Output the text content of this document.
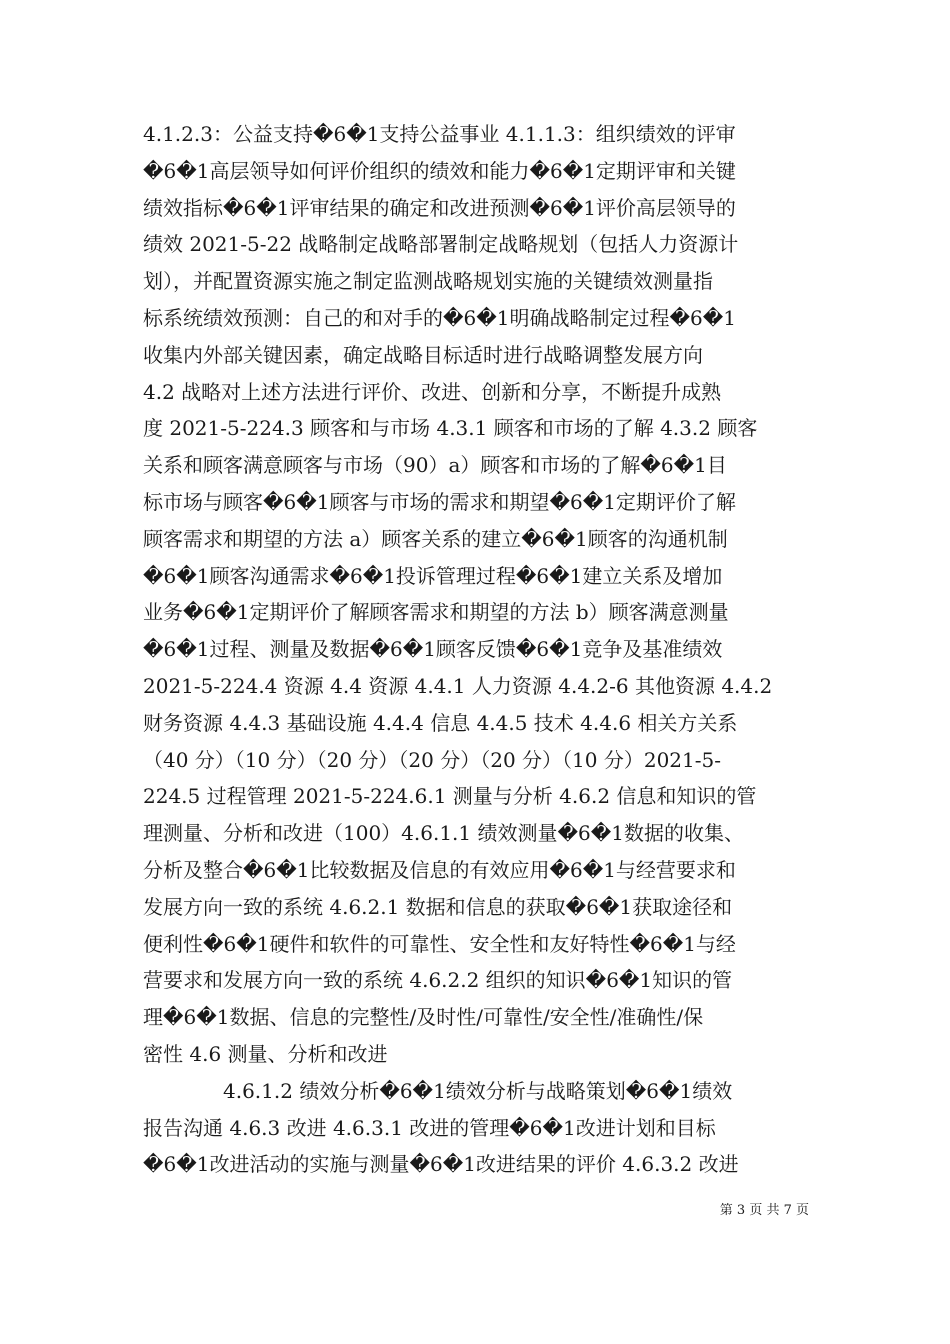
4.1.2.3：公益支持�6�1支持公益事业 4.1.1.3：组织绩效的评审
�6�1高层领导如何评价组织的绩效和能力�6�1定期评审和关键
绩效指标�6�1评审结果的确定和改进预测�6�1评价高层领导的
绩效 2021-5-22 战略制定战略部署制定战略规划（包括人力资源计
划），并配置资源实施之制定监测战略规划实施的关键绩效测量指
标系统绩效预测：自己的和对手的�6�1明确战略制定过程�6�1
收集内外部关键因素，确定战略目标适时进行战略调整发展方向
4.2 战略对上述方法进行评价、改进、创新和分享，不断提升成熟
度 2021-5-224.3 顾客和与市场 4.3.1 顾客和市场的了解 4.3.2 顾客
关系和顾客满意顾客与市场（90）a）顾客和市场的了解�6�1目
标市场与顾客�6�1顾客与市场的需求和期望�6�1定期评价了解
顾客需求和期望的方法 a）顾客关系的建立�6�1顾客的沟通机制
�6�1顾客沟通需求�6�1投诉管理过程�6�1建立关系及增加
业务�6�1定期评价了解顾客需求和期望的方法 b）顾客满意测量
�6�1过程、测量及数据�6�1顾客反馈�6�1竞争及基准绩效
2021-5-224.4 资源 4.4 资源 4.4.1 人力资源 4.4.2-6 其他资源 4.4.2
财务资源 4.4.3 基础设施 4.4.4 信息 4.4.5 技术 4.4.6 相关方关系
（40 分）（10 分）（20 分）（20 分）（20 分）（10 分）2021-5-
224.5 过程管理 2021-5-224.6.1 测量与分析 4.6.2 信息和知识的管
理测量、分析和改进（100）4.6.1.1 绩效测量�6�1数据的收集、
分析及整合�6�1比较数据及信息的有效应用�6�1与经营要求和
发展方向一致的系统 4.6.2.1 数据和信息的获取�6�1获取途径和
便利性�6�1硬件和软件的可靠性、安全性和友好特性�6�1与经
营要求和发展方向一致的系统 4.6.2.2 组织的知识�6�1知识的管
理�6�1数据、信息的完整性/及时性/可靠性/安全性/准确性/保
密性 4.6 测量、分析和改进
　　　　4.6.1.2 绩效分析�6�1绩效分析与战略策划�6�1绩效
报告沟通 4.6.3 改进 4.6.3.1 改进的管理�6�1改进计划和目标
�6�1改进活动的实施与测量�6�1改进结果的评价 4.6.3.2 改进
第 3 页 共 7 页
